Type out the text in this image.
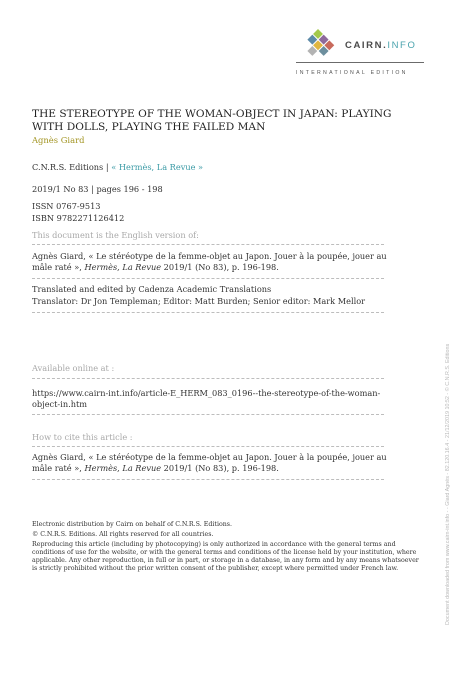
CAIRN.INFO
INTERNATIONAL EDITION
THE STEREOTYPE OF THE WOMAN-OBJECT IN JAPAN: PLAYING WITH DOLLS, PLAYING THE FAILED MAN
Agnès Giard
C.N.R.S. Editions | « Hermès, La Revue »
2019/1 No 83 | pages 196 - 198
ISSN 0767-9513
ISBN 9782271126412
This document is the English version of:
Agnès Giard, « Le stéréotype de la femme-objet au Japon. Jouer à la poupée, jouer au mâle raté », Hermès, La Revue 2019/1 (No 83), p. 196-198.
Translated and edited by Cadenza Academic Translations
Translator: Dr Jon Templeman; Editor: Matt Burden; Senior editor: Mark Mellor
Available online at :
https://www.cairn-int.info/article-E_HERM_083_0196--the-stereotype-of-the-woman-object-in.htm
How to cite this article :
Agnès Giard, « Le stéréotype de la femme-objet au Japon. Jouer à la poupée, jouer au mâle raté », Hermès, La Revue 2019/1 (No 83), p. 196-198.
Electronic distribution by Cairn on behalf of C.N.R.S. Editions.
© C.N.R.S. Editions. All rights reserved for all countries.
Reproducing this article (including by photocopying) is only authorized in accordance with the general terms and conditions of use for the website, or with the general terms and conditions of the license held by your institution, where applicable. Any other reproduction, in full or in part, or storage in a database, in any form and by any means whatsoever is strictly prohibited without the prior written consent of the publisher, except where permitted under French law.	Document downloaded from www.cairn-int.info - - Giard Agnès - 82.120.16.4 - 21/12/2019 10:52 - © C.N.R.S. Editions
